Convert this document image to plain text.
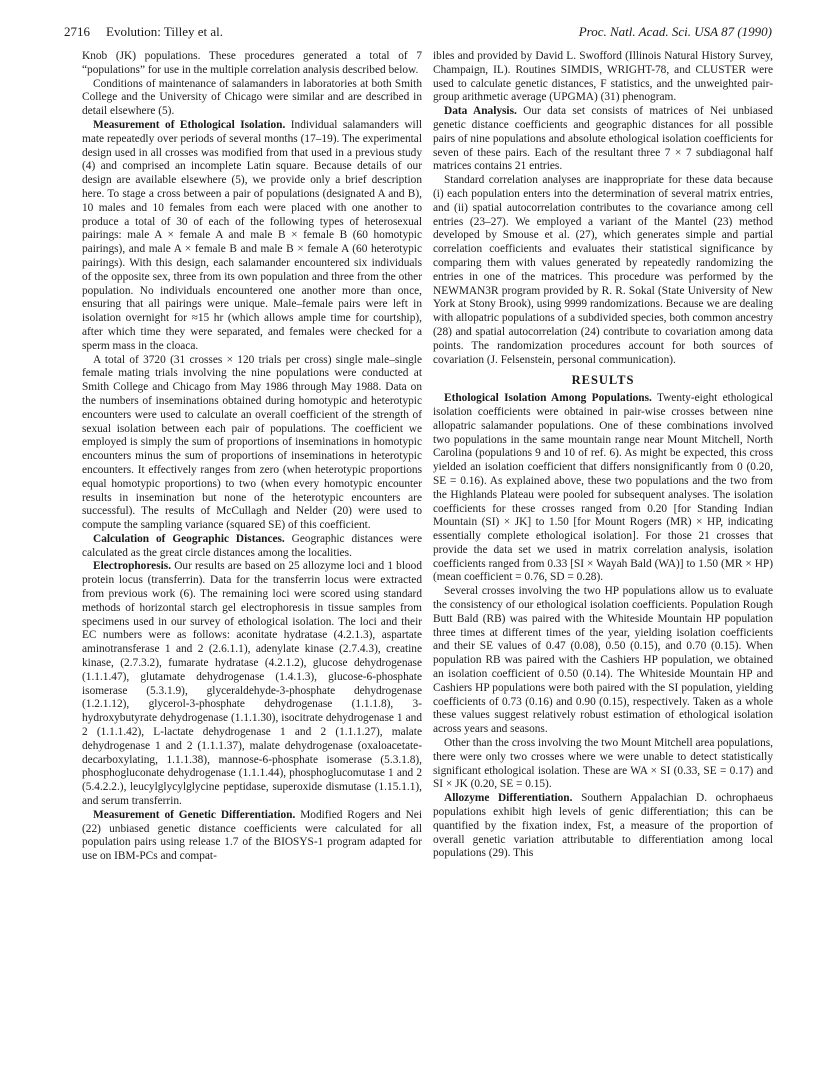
2716 Evolution: Tilley et al.	Proc. Natl. Acad. Sci. USA 87 (1990)

Knob (JK) populations. These procedures generated a total of 7 “populations” for use in the multiple correlation analysis described below.

Conditions of maintenance of salamanders in laboratories at both Smith College and the University of Chicago were similar and are described in detail elsewhere (5).

Measurement of Ethological Isolation. Individual salamanders will mate repeatedly over periods of several months (17–19). The experimental design used in all crosses was modified from that used in a previous study (4) and comprised an incomplete Latin square. Because details of our design are available elsewhere (5), we provide only a brief description here. To stage a cross between a pair of populations (designated A and B), 10 males and 10 females from each were placed with one another to produce a total of 30 of each of the following types of heterosexual pairings: male A × female A and male B × female B (60 homotypic pairings), and male A × female B and male B × female A (60 heterotypic pairings). With this design, each salamander encountered six individuals of the opposite sex, three from its own population and three from the other population. No individuals encountered one another more than once, ensuring that all pairings were unique. Male–female pairs were left in isolation overnight for ≈15 hr (which allows ample time for courtship), after which time they were separated, and females were checked for a sperm mass in the cloaca.

A total of 3720 (31 crosses × 120 trials per cross) single male–single female mating trials involving the nine populations were conducted at Smith College and Chicago from May 1986 through May 1988. Data on the numbers of inseminations obtained during homotypic and heterotypic encounters were used to calculate an overall coefficient of the strength of sexual isolation between each pair of populations. The coefficient we employed is simply the sum of proportions of inseminations in homotypic encounters minus the sum of proportions of inseminations in heterotypic encounters. It effectively ranges from zero (when heterotypic proportions equal homotypic proportions) to two (when every homotypic encounter results in insemination but none of the heterotypic encounters are successful). The results of McCullagh and Nelder (20) were used to compute the sampling variance (squared SE) of this coefficient.

Calculation of Geographic Distances. Geographic distances were calculated as the great circle distances among the localities.

Electrophoresis. Our results are based on 25 allozyme loci and 1 blood protein locus (transferrin). Data for the transferrin locus were extracted from previous work (6). The remaining loci were scored using standard methods of horizontal starch gel electrophoresis in tissue samples from specimens used in our survey of ethological isolation. The loci and their EC numbers were as follows: aconitate hydratase (4.2.1.3), aspartate aminotransferase 1 and 2 (2.6.1.1), adenylate kinase (2.7.4.3), creatine kinase, (2.7.3.2), fumarate hydratase (4.2.1.2), glucose dehydrogenase (1.1.1.47), glutamate dehydrogenase (1.4.1.3), glucose-6-phosphate isomerase (5.3.1.9), glyceraldehyde-3-phosphate dehydrogenase (1.2.1.12), glycerol-3-phosphate dehydrogenase (1.1.1.8), 3-hydroxybutyrate dehydrogenase (1.1.1.30), isocitrate dehydrogenase 1 and 2 (1.1.1.42), L-lactate dehydrogenase 1 and 2 (1.1.1.27), malate dehydrogenase 1 and 2 (1.1.1.37), malate dehydrogenase (oxaloacetate-decarboxylating, 1.1.1.38), mannose-6-phosphate isomerase (5.3.1.8), phosphogluconate dehydrogenase (1.1.1.44), phosphoglucomutase 1 and 2 (5.4.2.2.), leucylglycylglycine peptidase, superoxide dismutase (1.15.1.1), and serum transferrin.

Measurement of Genetic Differentiation. Modified Rogers and Nei (22) unbiased genetic distance coefficients were calculated for all population pairs using release 1.7 of the BIOSYS-1 program adapted for use on IBM-PCs and compat-

ibles and provided by David L. Swofford (Illinois Natural History Survey, Champaign, IL). Routines SIMDIS, WRIGHT-78, and CLUSTER were used to calculate genetic distances, F statistics, and the unweighted pair-group arithmetic average (UPGMA) (31) phenogram.

Data Analysis. Our data set consists of matrices of Nei unbiased genetic distance coefficients and geographic distances for all possible pairs of nine populations and absolute ethological isolation coefficients for seven of these pairs. Each of the resultant three 7 × 7 subdiagonal half matrices contains 21 entries.

Standard correlation analyses are inappropriate for these data because (i) each population enters into the determination of several matrix entries, and (ii) spatial autocorrelation contributes to the covariance among cell entries (23–27). We employed a variant of the Mantel (23) method developed by Smouse et al. (27), which generates simple and partial correlation coefficients and evaluates their statistical significance by comparing them with values generated by repeatedly randomizing the entries in one of the matrices. This procedure was performed by the NEWMAN3R program provided by R. R. Sokal (State University of New York at Stony Brook), using 9999 randomizations. Because we are dealing with allopatric populations of a subdivided species, both common ancestry (28) and spatial autocorrelation (24) contribute to covariation among data points. The randomization procedures account for both sources of covariation (J. Felsenstein, personal communication).

RESULTS

Ethological Isolation Among Populations. Twenty-eight ethological isolation coefficients were obtained in pair-wise crosses between nine allopatric salamander populations. One of these combinations involved two populations in the same mountain range near Mount Mitchell, North Carolina (populations 9 and 10 of ref. 6). As might be expected, this cross yielded an isolation coefficient that differs nonsignificantly from 0 (0.20, SE = 0.16). As explained above, these two populations and the two from the Highlands Plateau were pooled for subsequent analyses. The isolation coefficients for these crosses ranged from 0.20 [for Standing Indian Mountain (SI) × JK] to 1.50 [for Mount Rogers (MR) × HP, indicating essentially complete ethological isolation]. For those 21 crosses that provide the data set we used in matrix correlation analysis, isolation coefficients ranged from 0.33 [SI × Wayah Bald (WA)] to 1.50 (MR × HP) (mean coefficient = 0.76, SD = 0.28).

Several crosses involving the two HP populations allow us to evaluate the consistency of our ethological isolation coefficients. Population Rough Butt Bald (RB) was paired with the Whiteside Mountain HP population three times at different times of the year, yielding isolation coefficients and their SE values of 0.47 (0.08), 0.50 (0.15), and 0.70 (0.15). When population RB was paired with the Cashiers HP population, we obtained an isolation coefficient of 0.50 (0.14). The Whiteside Mountain HP and Cashiers HP populations were both paired with the SI population, yielding coefficients of 0.73 (0.16) and 0.90 (0.15), respectively. Taken as a whole these values suggest relatively robust estimation of ethological isolation across years and seasons.

Other than the cross involving the two Mount Mitchell area populations, there were only two crosses where we were unable to detect statistically significant ethological isolation. These are WA × SI (0.33, SE = 0.17) and SI × JK (0.20, SE = 0.15).

Allozyme Differentiation. Southern Appalachian D. ochrophaeus populations exhibit high levels of genic differentiation; this can be quantified by the fixation index, Fst, a measure of the proportion of overall genetic variation attributable to differentiation among local populations (29). This
